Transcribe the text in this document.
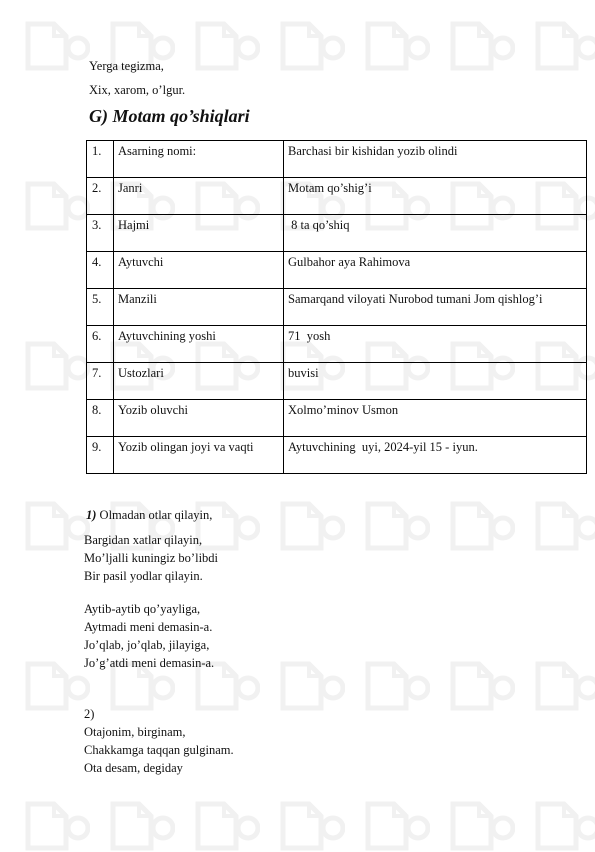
Yerga tegizma,
Xix, xarom, o’lgur.
G) Motam qo’shiqlari
1.	Asarning nomi:	Barchasi bir kishidan yozib olindi
2.	Janri	Motam qo’shig’i
3.	Hajmi	8 ta qo’shiq
4.	Aytuvchi	Gulbahor aya Rahimova
5.	Manzili	Samarqand viloyati Nurobod tumani Jom qishlog’i
6.	Aytuvchining yoshi	71  yosh
7.	Ustozlari	buvisi
8.	Yozib oluvchi	Xolmo’minov Usmon
9.	Yozib olingan joyi va vaqti	Aytuvchining  uyi, 2024-yil 15 - iyun.
1) Olmadan otlar qilayin,
Bargidan xatlar qilayin,
Mo’ljalli kuningiz bo’libdi
Bir pasil yodlar qilayin.
Aytib-aytib qo’yayliga,
Aytmadi meni demasin-a.
Jo’qlab, jo’qlab, jilayiga,
Jo’g’atdi meni demasin-a.
2)
Otajonim, birginam,
Chakkamga taqqan gulginam.
Ota desam, degiday
